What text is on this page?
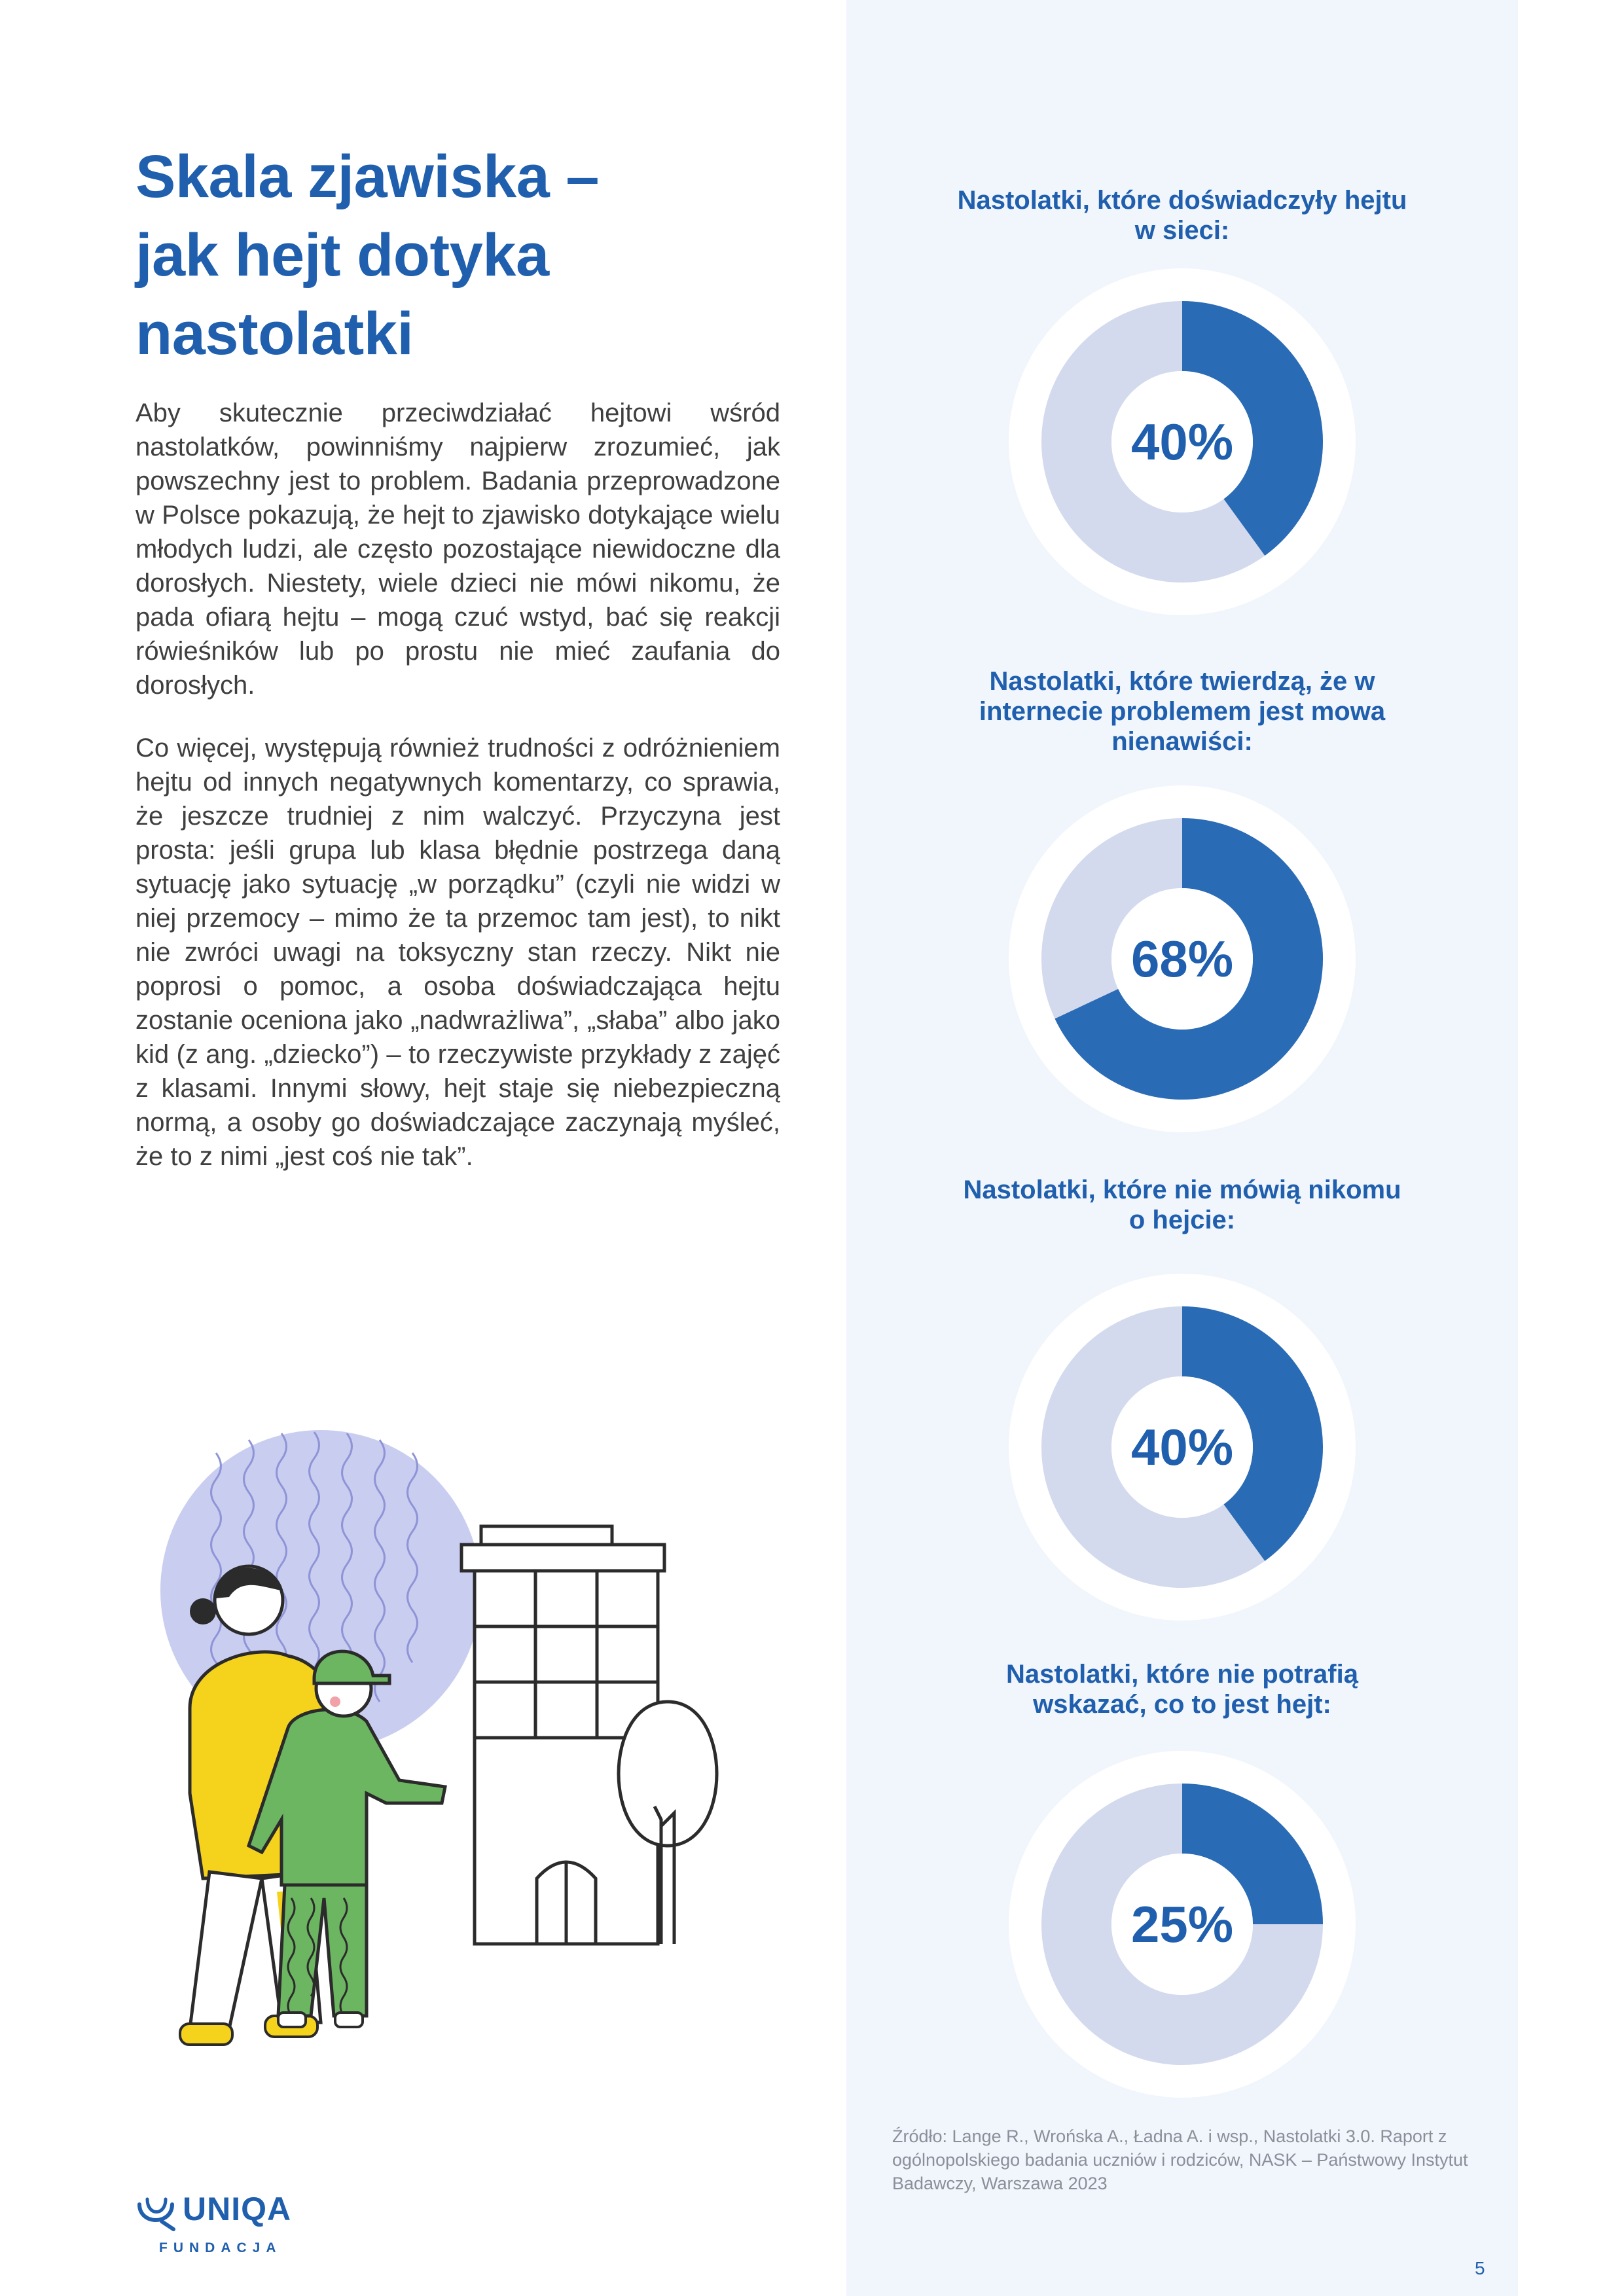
Skala zjawiska –
jak hejt dotyka
nastolatki

Aby skutecznie przeciwdziałać hejtowi wśród nastolatków, powinniśmy najpierw zrozumieć, jak powszechny jest to problem. Badania przeprowadzone w Polsce pokazują, że hejt to zjawisko dotykające wielu młodych ludzi, ale często pozostające niewidoczne dla dorosłych. Niestety, wiele dzieci nie mówi nikomu, że pada ofiarą hejtu – mogą czuć wstyd, bać się reakcji rówieśników lub po prostu nie mieć zaufania do dorosłych.

Co więcej, występują również trudności z odróżnieniem hejtu od innych negatywnych komentarzy, co sprawia, że jeszcze trudniej z nim walczyć. Przyczyna jest prosta: jeśli grupa lub klasa błędnie postrzega daną sytuację jako sytuację „w porządku” (czyli nie widzi w niej przemocy – mimo że ta przemoc tam jest), to nikt nie zwróci uwagi na toksyczny stan rzeczy. Nikt nie poprosi o pomoc, a osoba doświadczająca hejtu zostanie oceniona jako „nadwrażliwa”, „słaba” albo jako kid (z ang. „dziecko”) – to rzeczywiste przykłady z zajęć z klasami. Innymi słowy, hejt staje się niebezpieczną normą, a osoby go doświadczające zaczynają myśleć, że to z nimi „jest coś nie tak”.

Nastolatki, które doświadczyły hejtu w sieci:
40%
Nastolatki, które twierdzą, że w internecie problemem jest mowa nienawiści:
68%
Nastolatki, które nie mówią nikomu o hejcie:
40%
Nastolatki, które nie potrafią wskazać, co to jest hejt:
25%
Źródło: Lange R., Wrońska A., Ładna A. i wsp., Nastolatki 3.0. Raport z ogólnopolskiego badania uczniów i rodziców, NASK – Państwowy Instytut Badawczy, Warszawa 2023
5
UNIQA
FUNDACJA
